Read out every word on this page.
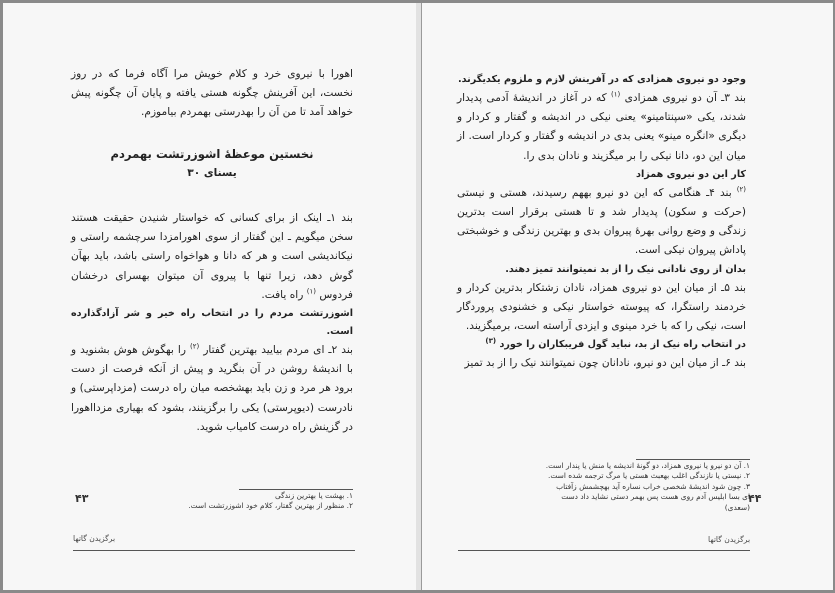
اهورا با نیروی خرد و کلام خویش مرا آگاه فرما که در روز نخست، این آفرینش چگونه هستی یافته و پایان آن چگونه پیش خواهد آمد تا من آن را بهدرستی بهمردم بیاموزم.

نخستین موعظهٔ اشوزرتشت بهمردم

یسنای ۳۰

بند ۱ـ اینک از برای کسانی که خواستار شنیدن حقیقت هستند سخن میگویم ـ این گفتار از سوی اهورامزدا سرچشمه راستی و نیکاندیشی است و هر که دانا و هواخواه راستی باشد، باید بهآن گوش دهد، زیرا تنها با پیروی آن میتوان بهسرای درخشان فردوس $^{(۱)}$ راه یافت.

اشوزرتشت مردم را در انتخاب راه خیر و شر آزادگذارده است.

بند ۲ـ ای مردم بیایید بهترین گفتار $^{(۲)}$ را بهگوش هوش بشنوید و با اندیشهٔ روشن در آن بنگرید و پیش از آنکه فرصت از دست برود هر مرد و زن باید بهشخصه میان راه درست (مزداپرستی) و نادرست (دیوپرستی) یکی را برگزینند، بشود که بهیاری مزدااهورا در گزینش راه درست کامیاب شوید.

۴۳	۱. بهشت یا بهترین زندگی
۲. منظور از بهترین گفتار، کلام خود اشوزرتشت است.
برگزیدن گاتها

وجود دو نیروی همزادی که در آفرینش لازم و ملزوم یکدیگرند.

بند ۳ـ آن دو نیروی همزادی $^{(۱)}$ که در آغاز در اندیشهٔ آدمی پدیدار شدند، یکی «سپنتامینو» یعنی نیکی در اندیشه و گفتار و کردار و دیگری «انگره مینو» یعنی بدی در اندیشه و گفتار و کردار است. از میان این دو، دانا نیکی را بر میگزیند و نادان بدی را.

کار این دو نیروی همزاد

$^{(۲)}$ بند ۴ـ هنگامی که این دو نیرو بههم رسیدند، هستی و نیستی (حرکت و سکون) پدیدار شد و تا هستی برقرار است بدترین زندگی و وضع روانی بهرهٔ پیروان بدی و بهترین زندگی و خوشبختی پاداش پیروان نیکی است.

بدان از روی نادانی نیک را از بد نمیتوانند تمیز دهند.

بند ۵ـ از میان این دو نیروی همزاد، نادان زشتکار بدترین کردار و خردمند راستگرا، که پیوسته خواستار نیکی و خشنودی پروردگار است، نیکی را که با خرد مینوی و ایزدی آراسته است، برمیگزیند.

در انتخاب راه نیک از بد، نباید گول فریبکاران را خورد $^{(۳)}$

بند ۶ـ از میان این دو نیرو، نادانان چون نمیتوانند نیک را از بد تمیز

۱. آن دو نیرو یا نیروی همزاد، دو گونهٔ اندیشه یا منش یا پندار است.
۲. نیستی یا نازندگی اغلب بهعبث هستی یا مرگ ترجمه شده است.
۳. چون شود اندیشهٔ شخصی خراب نساره آید بهچشمش زآفتاب
ای بسا ابلیس آدم روی هست پس بهمر دستی نشاید داد دست
(سعدی)
۴۴
برگزیدن گاتها
